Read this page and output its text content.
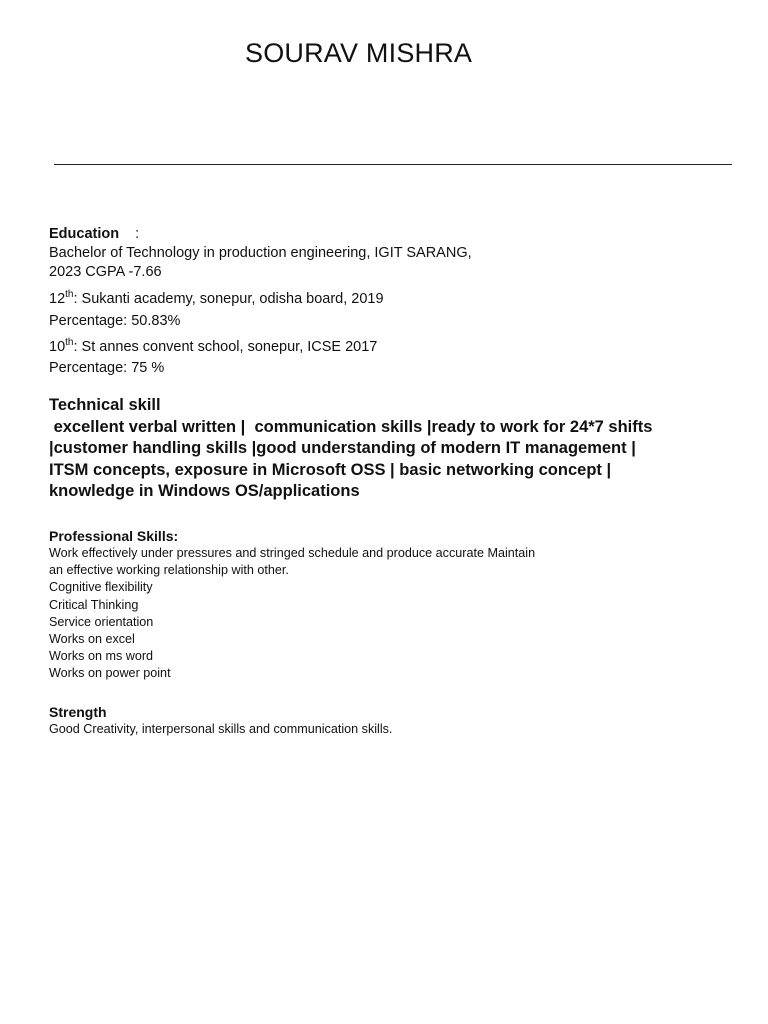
SOURAV MISHRA
Education :
Bachelor of Technology in production engineering, IGIT SARANG,
2023 CGPA -7.66
12th: Sukanti academy, sonepur, odisha board, 2019
Percentage: 50.83%
10th: St annes convent school, sonepur, ICSE 2017
Percentage: 75 %
Technical skill
excellent verbal written |  communication skills |ready to work for 24*7 shifts
|customer handling skills |good understanding of modern IT management |
ITSM concepts, exposure in Microsoft OSS | basic networking concept |
knowledge in Windows OS/applications
Professional Skills:
Work effectively under pressures and stringed schedule and produce accurate Maintain
an effective working relationship with other.
Cognitive flexibility
Critical Thinking
Service orientation
Works on excel
Works on ms word
Works on power point
Strength
Good Creativity, interpersonal skills and communication skills.
